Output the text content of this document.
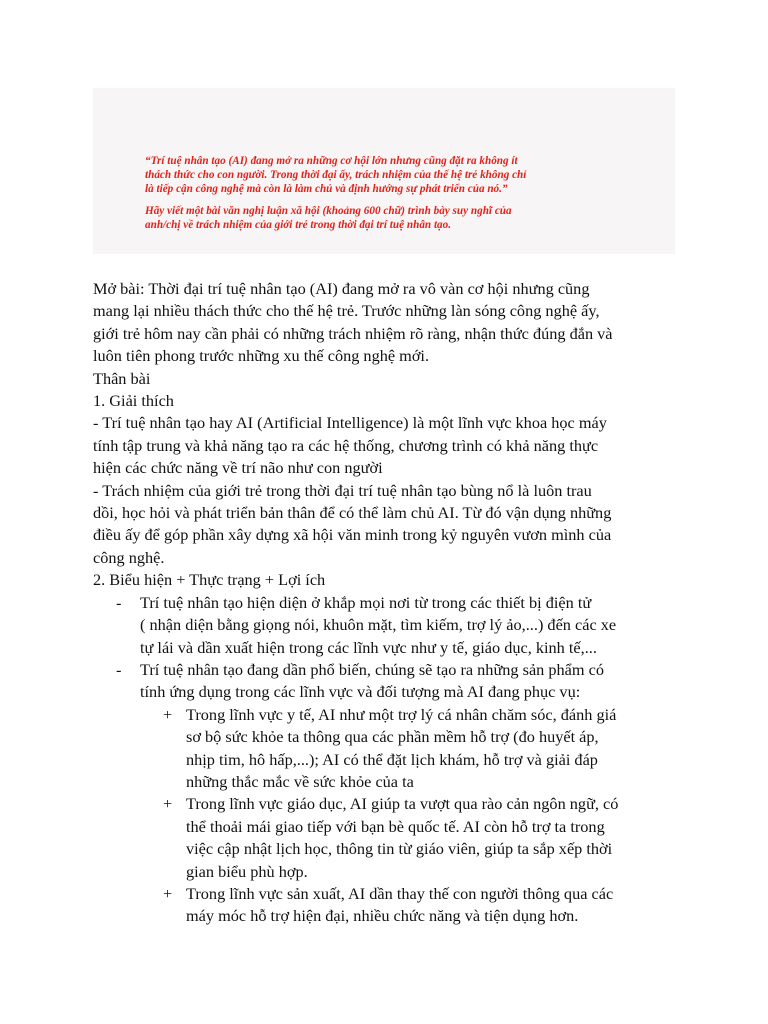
“Trí tuệ nhân tạo (AI) đang mở ra những cơ hội lớn nhưng cũng đặt ra không ít

thách thức cho con người. Trong thời đại ấy, trách nhiệm của thế hệ trẻ không chỉ

là tiếp cận công nghệ mà còn là làm chủ và định hướng sự phát triển của nó.”

Hãy viết một bài văn nghị luận xã hội (khoảng 600 chữ) trình bày suy nghĩ của

anh/chị về trách nhiệm của giới trẻ trong thời đại trí tuệ nhân tạo.

Mở bài: Thời đại trí tuệ nhân tạo (AI) đang mở ra vô vàn cơ hội nhưng cũng
mang lại nhiều thách thức cho thế hệ trẻ. Trước những làn sóng công nghệ ấy,
giới trẻ hôm nay cần phải có những trách nhiệm rõ ràng, nhận thức đúng đắn và
luôn tiên phong trước những xu thế công nghệ mới.
Thân bài
1. Giải thích
- Trí tuệ nhân tạo hay AI (Artificial Intelligence) là một lĩnh vực khoa học máy
tính tập trung và khả năng tạo ra các hệ thống, chương trình có khả năng thực
hiện các chức năng về trí não như con người
- Trách nhiệm của giới trẻ trong thời đại trí tuệ nhân tạo bùng nổ là luôn trau
dồi, học hỏi và phát triển bản thân để có thể làm chủ AI. Từ đó vận dụng những
điều ấy để góp phần xây dựng xã hội văn minh trong kỷ nguyên vươn mình của
công nghệ.
2. Biểu hiện + Thực trạng + Lợi ích
- Trí tuệ nhân tạo hiện diện ở khắp mọi nơi từ trong các thiết bị điện tử
( nhận diện bằng giọng nói, khuôn mặt, tìm kiếm, trợ lý ảo,...) đến các xe
tự lái và dần xuất hiện trong các lĩnh vực như y tế, giáo dục, kinh tế,...
- Trí tuệ nhân tạo đang dần phổ biến, chúng sẽ tạo ra những sản phẩm có
tính ứng dụng trong các lĩnh vực và đối tượng mà AI đang phục vụ:
+ Trong lĩnh vực y tế, AI như một trợ lý cá nhân chăm sóc, đánh giá
sơ bộ sức khỏe ta thông qua các phần mềm hỗ trợ (đo huyết áp,
nhịp tim, hô hấp,...); AI có thể đặt lịch khám, hỗ trợ và giải đáp
những thắc mắc về sức khỏe của ta
+ Trong lĩnh vực giáo dục, AI giúp ta vượt qua rào cản ngôn ngữ, có
thể thoải mái giao tiếp với bạn bè quốc tế. AI còn hỗ trợ ta trong
việc cập nhật lịch học, thông tin từ giáo viên, giúp ta sắp xếp thời
gian biểu phù hợp.
+ Trong lĩnh vực sản xuất, AI dần thay thế con người thông qua các
máy móc hỗ trợ hiện đại, nhiều chức năng và tiện dụng hơn.
